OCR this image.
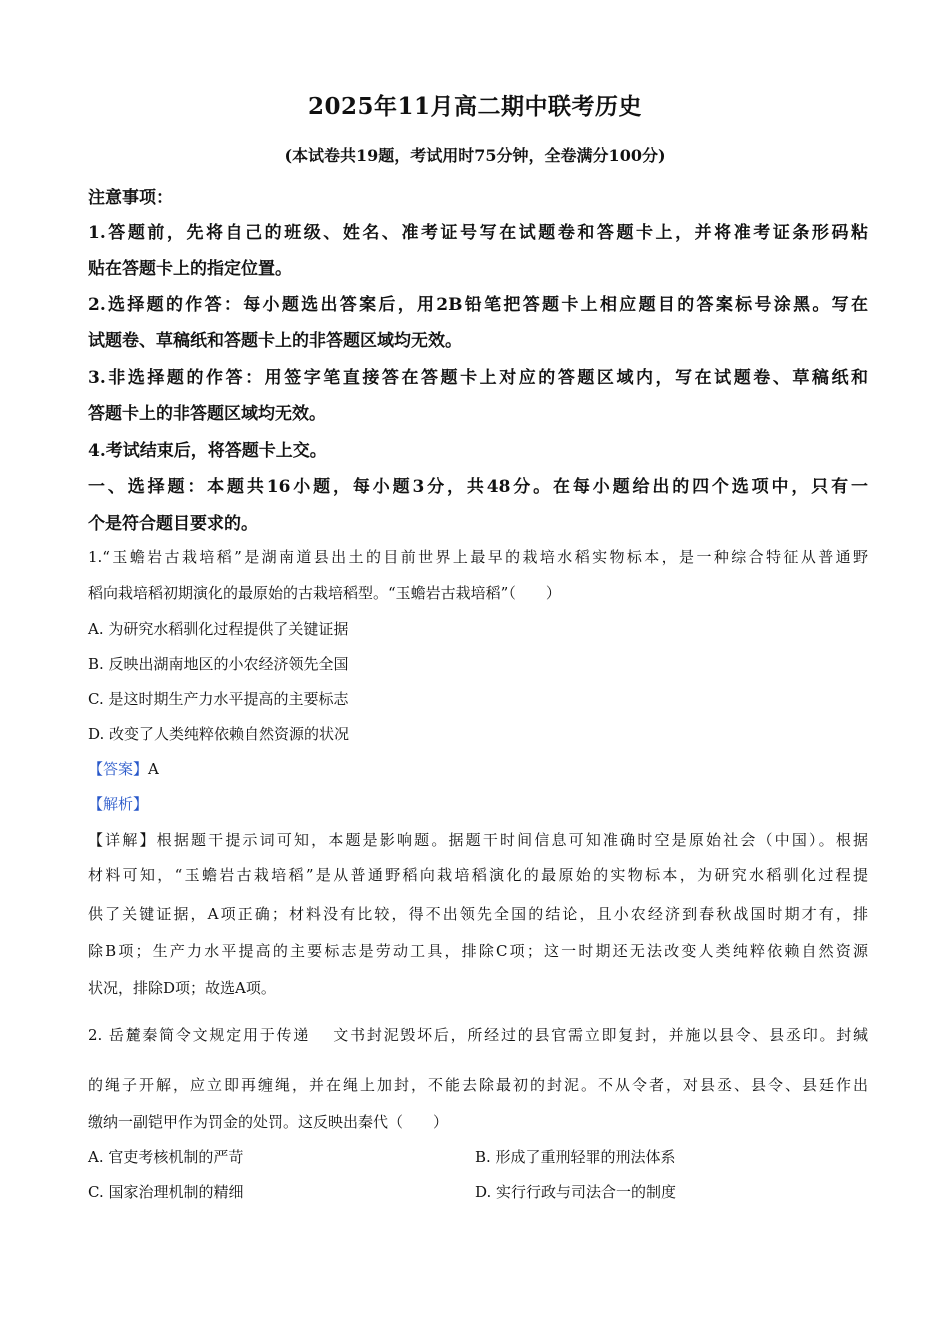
2025年11月高二期中联考历史
(本试卷共19题，考试用时75分钟，全卷满分100分)
注意事项：
1.答题前，先将自己的班级、姓名、准考证号写在试题卷和答题卡上，并将准考证条形码粘
贴在答题卡上的指定位置。
2.选择题的作答：每小题选出答案后，用2B铅笔把答题卡上相应题目的答案标号涂黑。写在
试题卷、草稿纸和答题卡上的非答题区域均无效。
3.非选择题的作答：用签字笔直接答在答题卡上对应的答题区域内，写在试题卷、草稿纸和
答题卡上的非答题区域均无效。
4.考试结束后，将答题卡上交。
一、选择题：本题共16小题，每小题3分，共48分。在每小题给出的四个选项中，只有一
个是符合题目要求的。
1.“玉蟾岩古栽培稻”是湖南道县出土的目前世界上最早的栽培水稻实物标本，是一种综合特征从普通野
稻向栽培稻初期演化的最原始的古栽培稻型。“玉蟾岩古栽培稻”（　　）
A. 为研究水稻驯化过程提供了关键证据
B. 反映出湖南地区的小农经济领先全国
C. 是这时期生产力水平提高的主要标志
D. 改变了人类纯粹依赖自然资源的状况
【答案】A
【解析】
【详解】根据题干提示词可知，本题是影响题。据题干时间信息可知准确时空是原始社会（中国）。根据
材料可知，“玉蟾岩古栽培稻”是从普通野稻向栽培稻演化的最原始的实物标本，为研究水稻驯化过程提
供了关键证据，A项正确；材料没有比较，得不出领先全国的结论，且小农经济到春秋战国时期才有，排
除B项；生产力水平提高的主要标志是劳动工具，排除C项；这一时期还无法改变人类纯粹依赖自然资源
状况，排除D项；故选A项。
2. 岳麓秦简令文规定用于传递　 文书封泥毁坏后，所经过的县官需立即复封，并施以县令、县丞印。封缄
的绳子开解，应立即再缠绳，并在绳上加封，不能去除最初的封泥。不从令者，对县丞、县令、县廷作出
缴纳一副铠甲作为罚金的处罚。这反映出秦代（　　）
A. 官吏考核机制的严苛	B. 形成了重刑轻罪的刑法体系
C. 国家治理机制的精细	D. 实行行政与司法合一的制度
